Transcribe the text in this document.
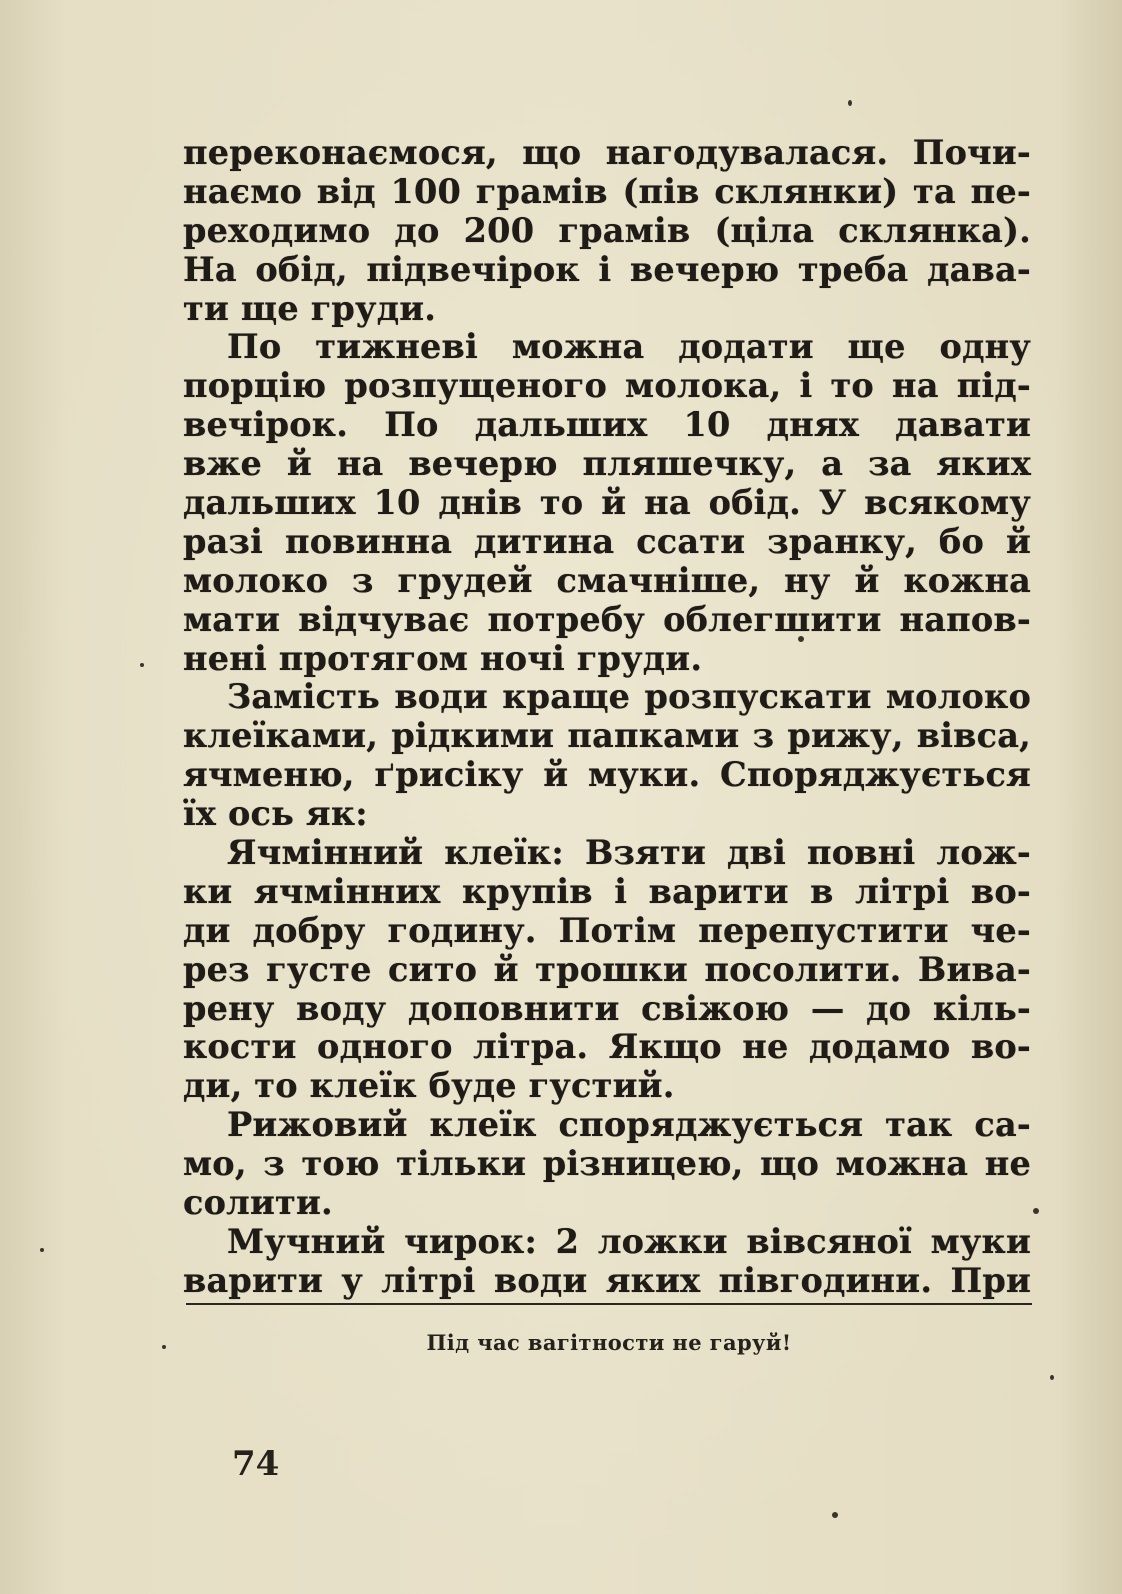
переконаємося, що нагодувалася. Почи-
наємо від 100 грамів (пів склянки) та пе-
реходимо до 200 грамів (ціла склянка).
На обід, підвечірок і вечерю треба дава-
ти ще груди.
По тижневі можна додати ще одну
порцію розпущеного молока, і то на під-
вечірок. По дальших 10 днях давати
вже й на вечерю пляшечку, а за яких
дальших 10 днів то й на обід. У всякому
разі повинна дитина ссати зранку, бо й
молоко з грудей смачніше, ну й кожна
мати відчуває потребу облегшити напов-
нені протягом ночі груди.
Замість води краще розпускати молоко
клеїками, рідкими папками з рижу, вівса,
ячменю, ґрисіку й муки. Споряджується
їх ось як:
Ячмінний клеїк: Взяти дві повні лож-
ки ячмінних крупів і варити в літрі во-
ди добру годину. Потім перепустити че-
рез густе сито й трошки посолити. Вива-
рену воду доповнити свіжою — до кіль-
кости одного літра. Якщо не додамо во-
ди, то клеїк буде густий.
Рижовий клеїк споряджується так са-
мо, з тою тільки різницею, що можна не
солити.
Мучний чирок: 2 ложки вівсяної муки
варити у літрі води яких півгодини. При
Під час вагітности не гаруй!
74
